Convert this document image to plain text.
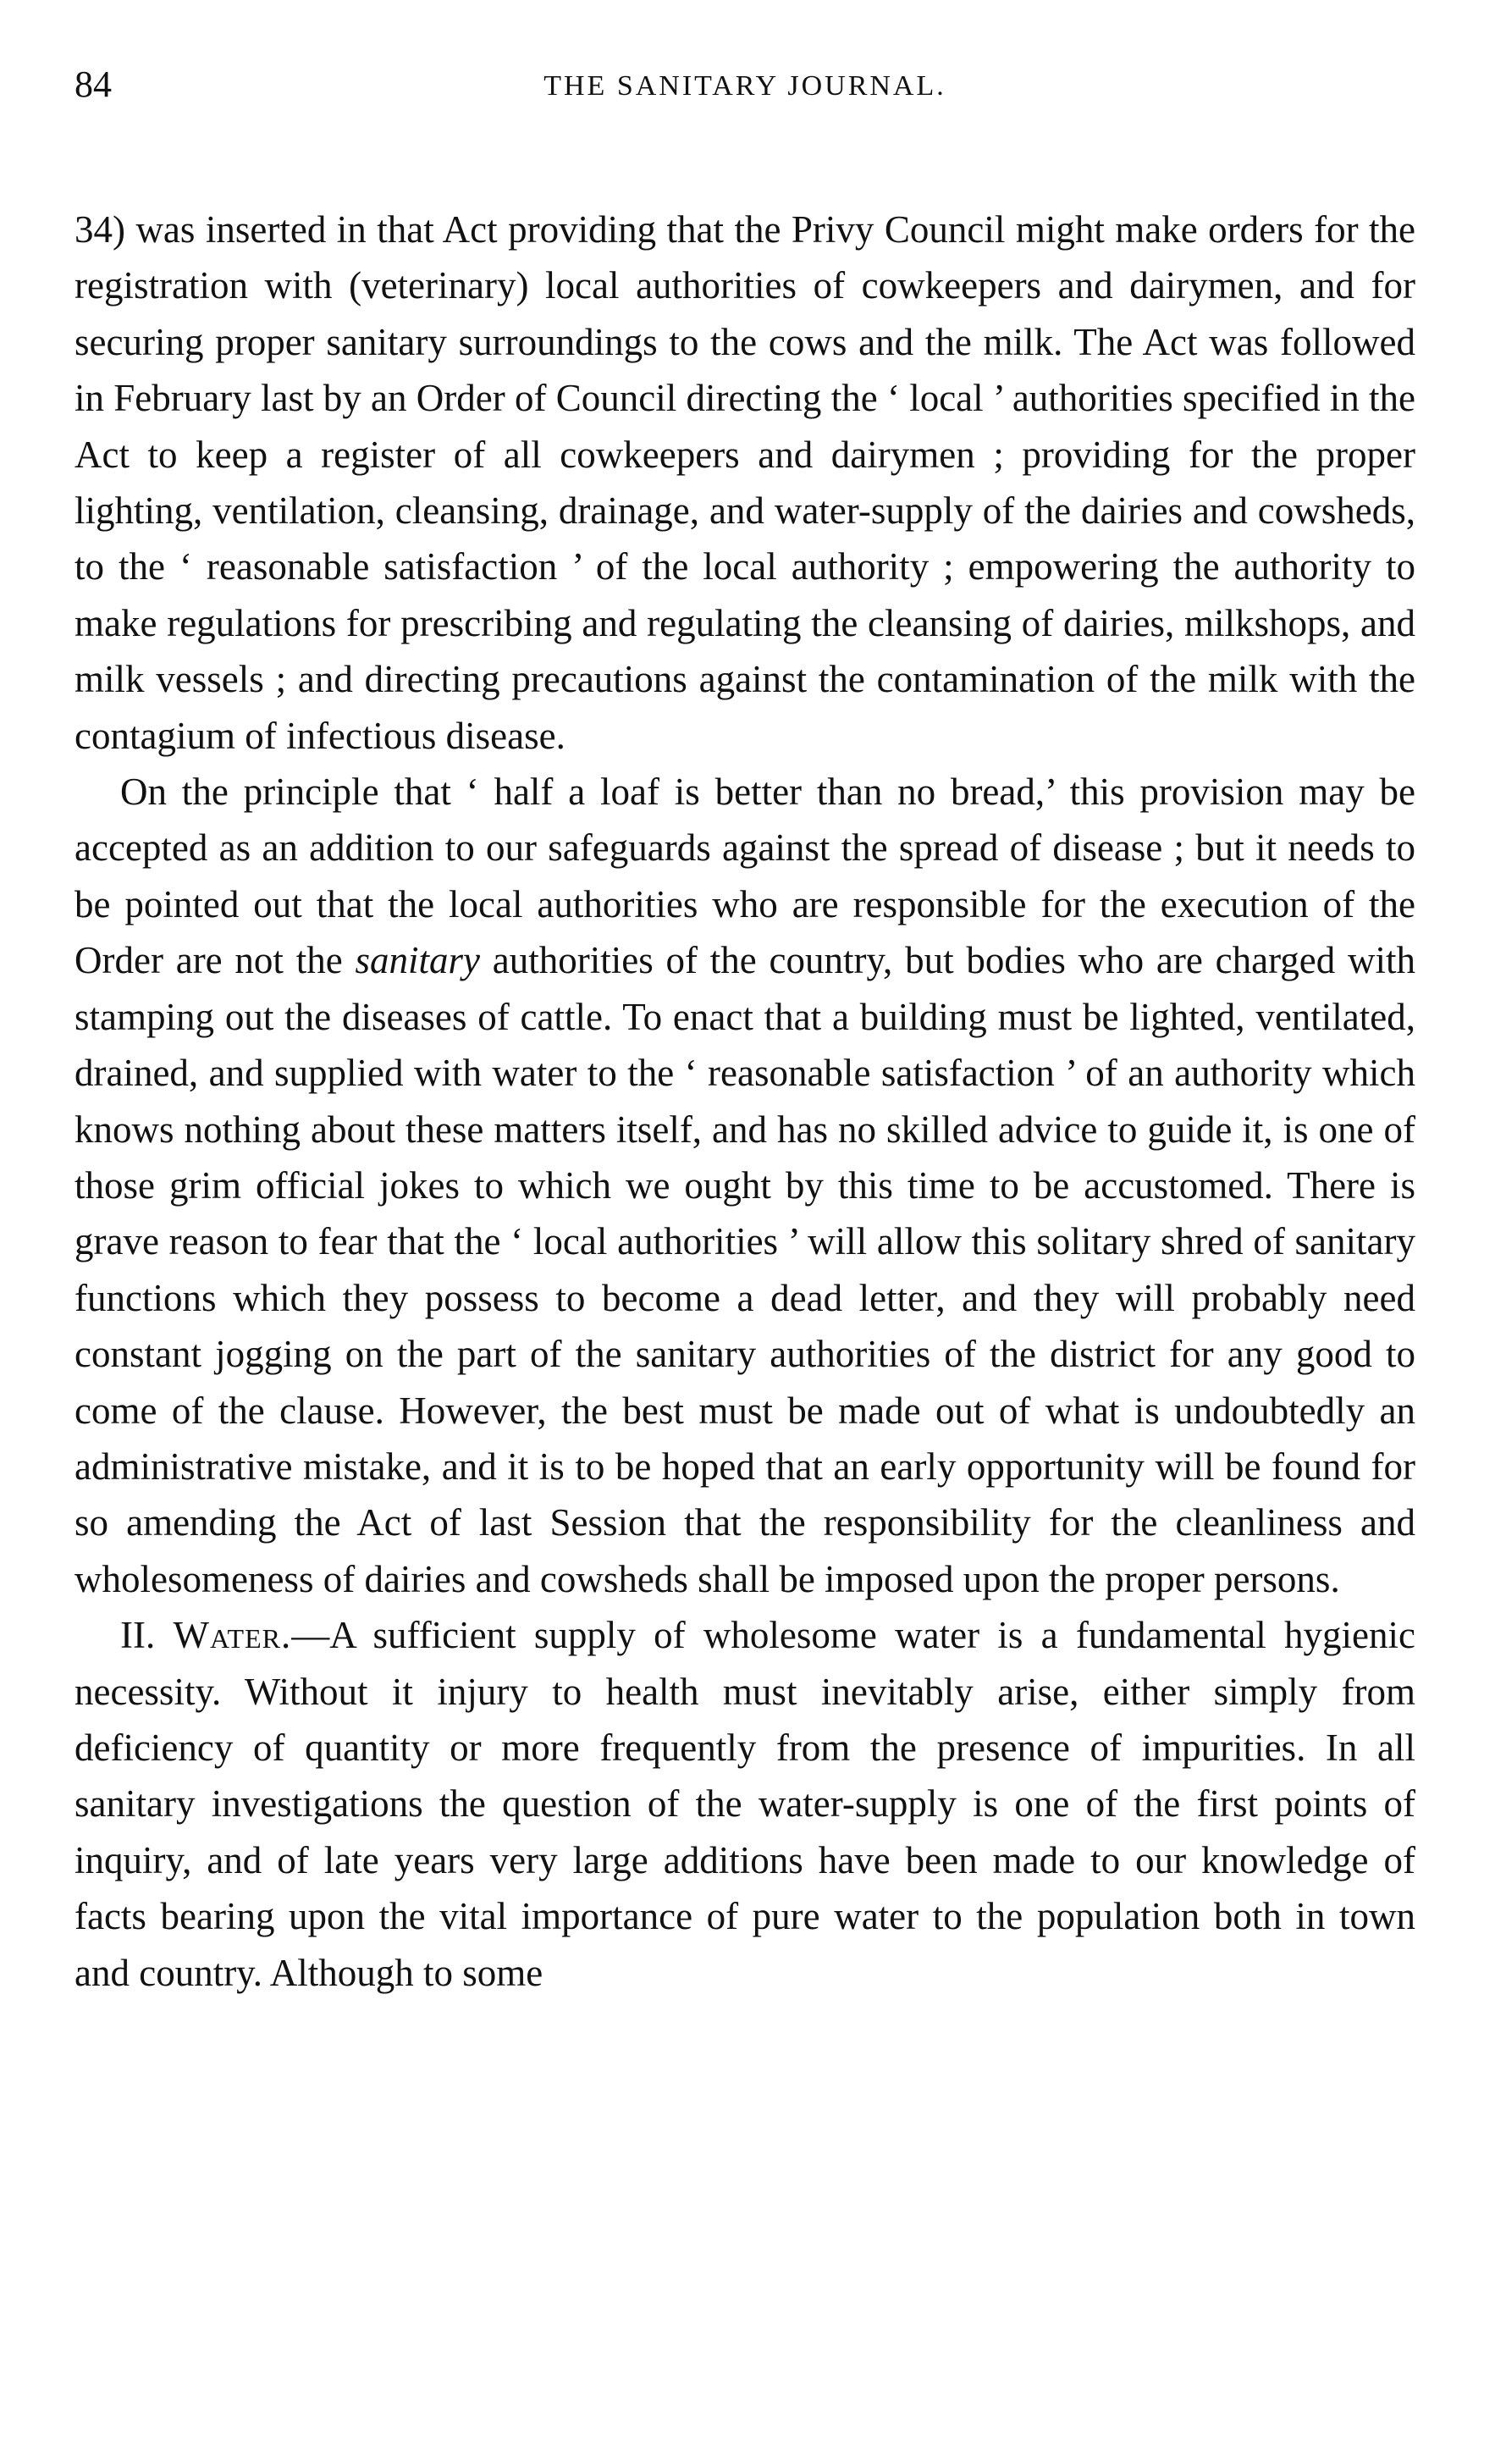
84	THE SANITARY JOURNAL.

34) was inserted in that Act providing that the Privy Council might make orders for the registration with (veterinary) local authorities of cowkeepers and dairymen, and for securing proper sanitary surroundings to the cows and the milk. The Act was followed in February last by an Order of Council directing the ‘ local ’ authorities specified in the Act to keep a register of all cowkeepers and dairymen ; providing for the proper lighting, ventilation, cleansing, drainage, and water-supply of the dairies and cowsheds, to the ‘ reasonable satisfaction ’ of the local authority ; empowering the authority to make regulations for prescribing and regulating the cleansing of dairies, milkshops, and milk vessels ; and directing precautions against the contamination of the milk with the contagium of infectious disease.

On the principle that ‘ half a loaf is better than no bread,’ this provision may be accepted as an addition to our safeguards against the spread of disease ; but it needs to be pointed out that the local authorities who are responsible for the execution of the Order are not the sanitary authorities of the country, but bodies who are charged with stamping out the diseases of cattle. To enact that a building must be lighted, ventilated, drained, and supplied with water to the ‘ reasonable satisfaction ’ of an authority which knows nothing about these matters itself, and has no skilled advice to guide it, is one of those grim official jokes to which we ought by this time to be accustomed. There is grave reason to fear that the ‘ local authorities ’ will allow this solitary shred of sanitary functions which they possess to become a dead letter, and they will probably need constant jogging on the part of the sanitary authorities of the district for any good to come of the clause. However, the best must be made out of what is undoubtedly an administrative mistake, and it is to be hoped that an early opportunity will be found for so amending the Act of last Session that the responsibility for the cleanliness and wholesomeness of dairies and cowsheds shall be imposed upon the proper persons.

II. Water.—A sufficient supply of wholesome water is a fundamental hygienic necessity. Without it injury to health must inevitably arise, either simply from deficiency of quantity or more frequently from the presence of impurities. In all sanitary investigations the question of the water-supply is one of the first points of inquiry, and of late years very large additions have been made to our knowledge of facts bearing upon the vital importance of pure water to the population both in town and country. Although to some
